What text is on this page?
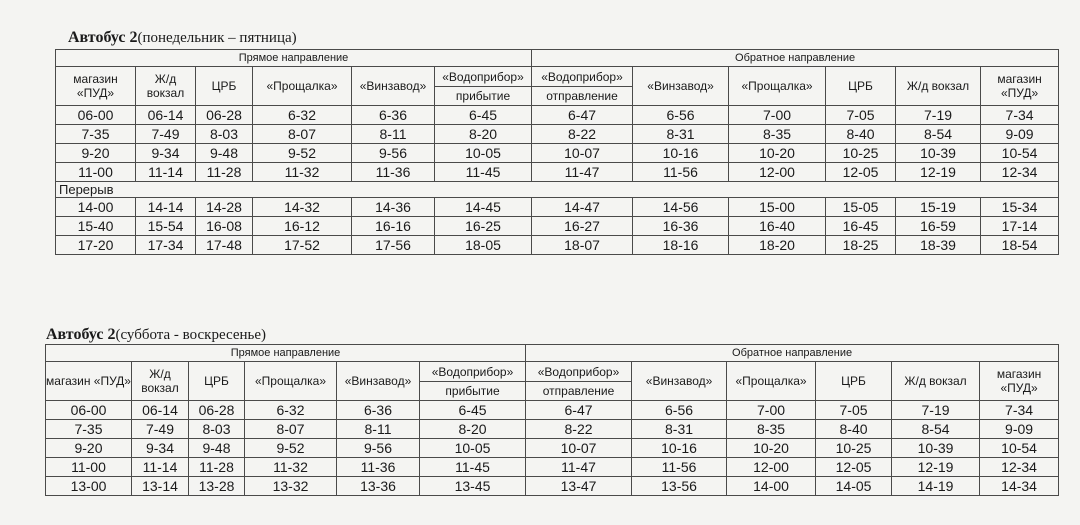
Автобус 2(понедельник – пятница)
Прямое направление						Обратное направление					
магазин «ПУД»	Ж/д вокзал	ЦРБ	«Прощалка»	«Винзавод»	«Водоприбор»	«Водоприбор»	«Винзавод»	«Прощалка»	ЦРБ	Ж/д вокзал	магазин «ПУД»
					прибытие	отправление					
06-00	06-14	06-28	6-32	6-36	6-45	6-47	6-56	7-00	7-05	7-19	7-34
7-35	7-49	8-03	8-07	8-11	8-20	8-22	8-31	8-35	8-40	8-54	9-09
9-20	9-34	9-48	9-52	9-56	10-05	10-07	10-16	10-20	10-25	10-39	10-54
11-00	11-14	11-28	11-32	11-36	11-45	11-47	11-56	12-00	12-05	12-19	12-34
Перерыв											
14-00	14-14	14-28	14-32	14-36	14-45	14-47	14-56	15-00	15-05	15-19	15-34
15-40	15-54	16-08	16-12	16-16	16-25	16-27	16-36	16-40	16-45	16-59	17-14
17-20	17-34	17-48	17-52	17-56	18-05	18-07	18-16	18-20	18-25	18-39	18-54
Автобус 2(суббота - воскресенье)
Прямое направление						Обратное направление					
магазин «ПУД»	Ж/д вокзал	ЦРБ	«Прощалка»	«Винзавод»	«Водоприбор»	«Водоприбор»	«Винзавод»	«Прощалка»	ЦРБ	Ж/д вокзал	магазин «ПУД»
					прибытие	отправление					
06-00	06-14	06-28	6-32	6-36	6-45	6-47	6-56	7-00	7-05	7-19	7-34
7-35	7-49	8-03	8-07	8-11	8-20	8-22	8-31	8-35	8-40	8-54	9-09
9-20	9-34	9-48	9-52	9-56	10-05	10-07	10-16	10-20	10-25	10-39	10-54
11-00	11-14	11-28	11-32	11-36	11-45	11-47	11-56	12-00	12-05	12-19	12-34
13-00	13-14	13-28	13-32	13-36	13-45	13-47	13-56	14-00	14-05	14-19	14-34
